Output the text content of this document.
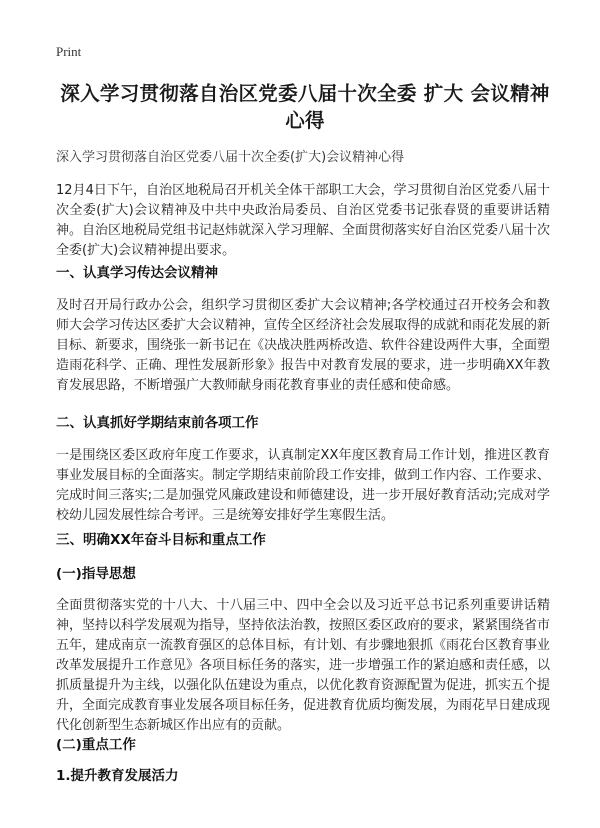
Print
深入学习贯彻落自治区党委八届十次全委 扩大 会议精神心得
深入学习贯彻落自治区党委八届十次全委(扩大)会议精神心得
12月4日下午，自治区地税局召开机关全体干部职工大会，学习贯彻自治区党委八届十次全委(扩大)会议精神及中共中央政治局委员、自治区党委书记张春贤的重要讲话精神。自治区地税局党组书记赵炜就深入学习理解、全面贯彻落实好自治区党委八届十次全委(扩大)会议精神提出要求。
一、认真学习传达会议精神
及时召开局行政办公会，组织学习贯彻区委扩大会议精神;各学校通过召开校务会和教师大会学习传达区委扩大会议精神，宣传全区经济社会发展取得的成就和雨花发展的新目标、新要求，围绕张一新书记在《决战决胜两桥改造、软件谷建设两件大事，全面塑造雨花科学、正确、理性发展新形象》报告中对教育发展的要求，进一步明确XX年教育发展思路，不断增强广大教师献身雨花教育事业的责任感和使命感。
二、认真抓好学期结束前各项工作
一是围绕区委区政府年度工作要求，认真制定XX年度区教育局工作计划，推进区教育事业发展目标的全面落实。制定学期结束前阶段工作安排，做到工作内容、工作要求、完成时间三落实;二是加强党风廉政建设和师德建设，进一步开展好教育活动;完成对学校幼儿园发展性综合考评。三是统筹安排好学生寒假生活。
三、明确XX年奋斗目标和重点工作
(一)指导思想
全面贯彻落实党的十八大、十八届三中、四中全会以及习近平总书记系列重要讲话精神，坚持以科学发展观为指导，坚持依法治教，按照区委区政府的要求，紧紧围绕省市五年，建成南京一流教育强区的总体目标，有计划、有步骤地狠抓《雨花台区教育事业改革发展提升工作意见》各项目标任务的落实，进一步增强工作的紧迫感和责任感，以抓质量提升为主线，以强化队伍建设为重点，以优化教育资源配置为促进，抓实五个提升，全面完成教育事业发展各项目标任务，促进教育优质均衡发展，为雨花早日建成现代化创新型生态新城区作出应有的贡献。
(二)重点工作
1.提升教育发展活力
